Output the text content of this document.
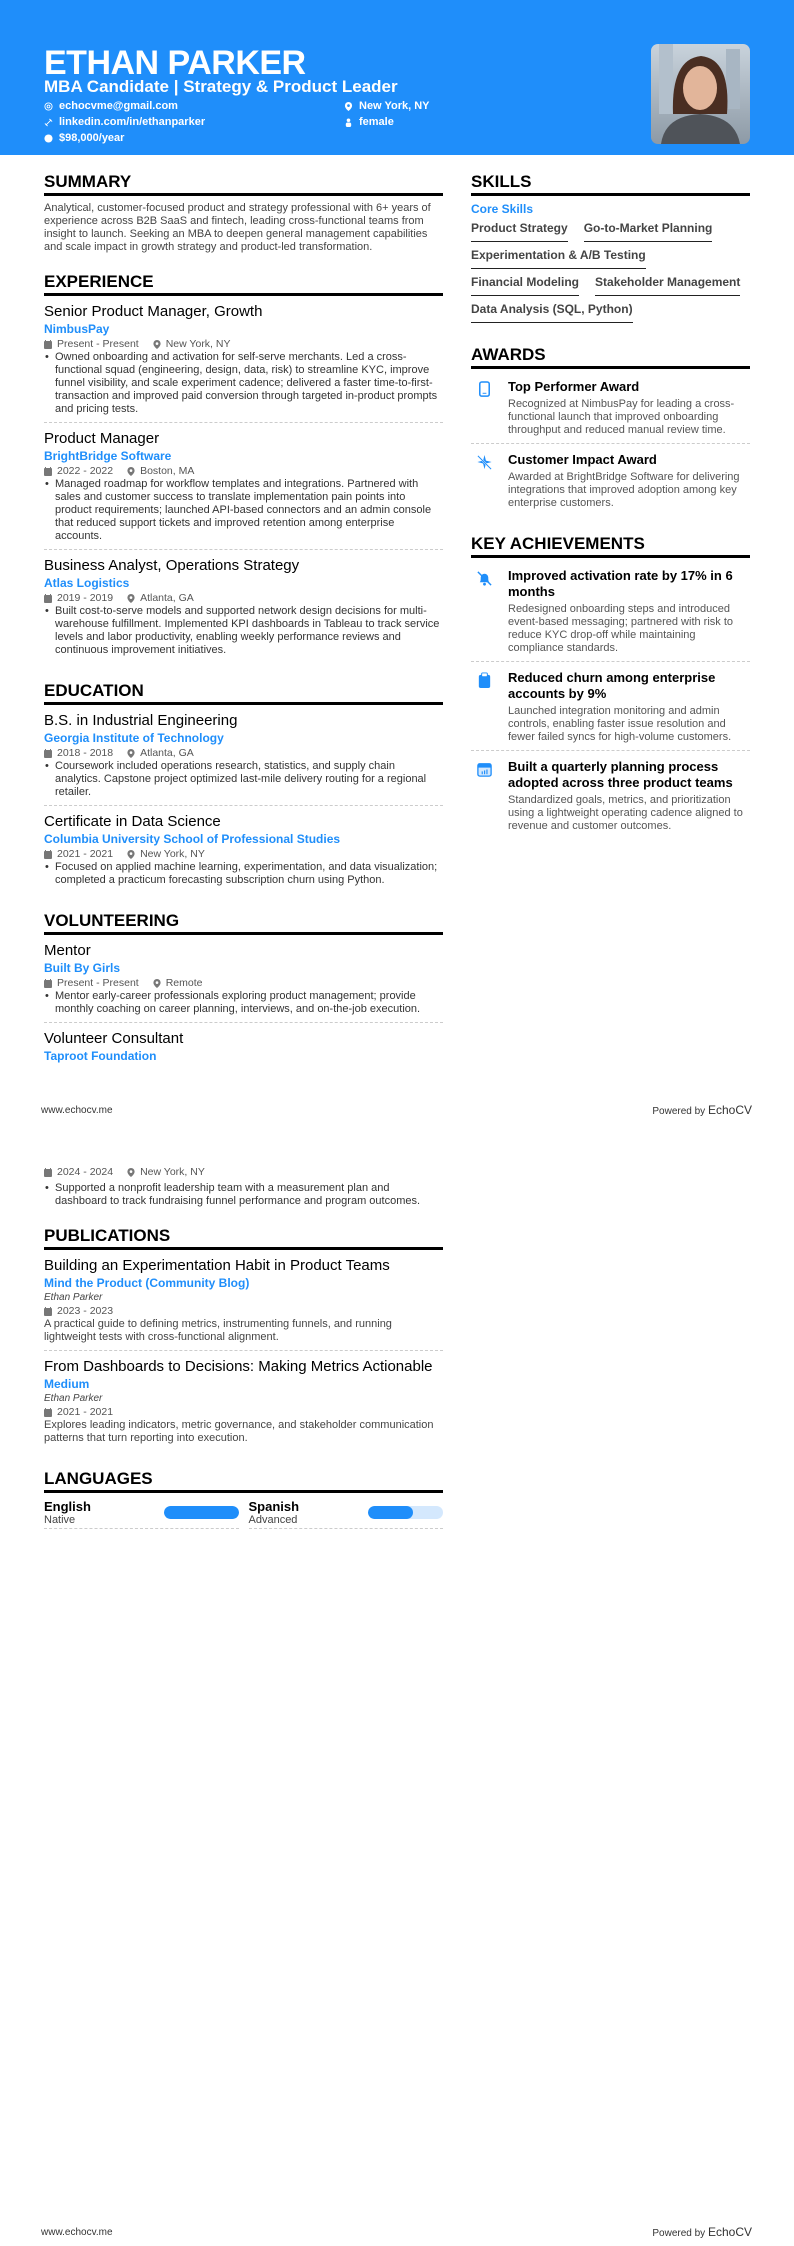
ETHAN PARKER
MBA Candidate | Strategy & Product Leader
echocvme@gmail.com
linkedin.com/in/ethanparker
$98,000/year
New York, NY
female
SUMMARY

Analytical, customer-focused product and strategy professional with 6+ years of experience across B2B SaaS and fintech, leading cross-functional teams from insight to launch. Seeking an MBA to deepen general management capabilities and scale impact in growth strategy and product-led transformation.

EXPERIENCE
Senior Product Manager, Growth
NimbusPay
Present - Present	New York, NY
• Owned onboarding and activation for self-serve merchants. Led a cross-functional squad (engineering, design, data, risk) to streamline KYC, improve funnel visibility, and scale experiment cadence; delivered a faster time-to-first-transaction and improved paid conversion through targeted in-product prompts and pricing tests.
Product Manager
BrightBridge Software
2022 - 2022	Boston, MA
• Managed roadmap for workflow templates and integrations. Partnered with sales and customer success to translate implementation pain points into product requirements; launched API-based connectors and an admin console that reduced support tickets and improved retention among enterprise accounts.
Business Analyst, Operations Strategy
Atlas Logistics
2019 - 2019	Atlanta, GA
• Built cost-to-serve models and supported network design decisions for multi-warehouse fulfillment. Implemented KPI dashboards in Tableau to track service levels and labor productivity, enabling weekly performance reviews and continuous improvement initiatives.
EDUCATION
B.S. in Industrial Engineering
Georgia Institute of Technology
2018 - 2018	Atlanta, GA
• Coursework included operations research, statistics, and supply chain analytics. Capstone project optimized last-mile delivery routing for a regional retailer.
Certificate in Data Science
Columbia University School of Professional Studies
2021 - 2021	New York, NY
• Focused on applied machine learning, experimentation, and data visualization; completed a practicum forecasting subscription churn using Python.
VOLUNTEERING
Mentor
Built By Girls
Present - Present	Remote
• Mentor early-career professionals exploring product management; provide monthly coaching on career planning, interviews, and on-the-job execution.
Volunteer Consultant
Taproot Foundation
SKILLS
Core Skills
Product Strategy Go-to-Market Planning
Experimentation & A/B Testing
Financial Modeling Stakeholder Management
Data Analysis (SQL, Python)
AWARDS
Top Performer Award
Recognized at NimbusPay for leading a cross-functional launch that improved onboarding throughput and reduced manual review time.
Customer Impact Award
Awarded at BrightBridge Software for delivering integrations that improved adoption among key enterprise customers.
KEY ACHIEVEMENTS
Improved activation rate by 17% in 6 months
Redesigned onboarding steps and introduced event-based messaging; partnered with risk to reduce KYC drop-off while maintaining compliance standards.
Reduced churn among enterprise accounts by 9%
Launched integration monitoring and admin controls, enabling faster issue resolution and fewer failed syncs for high-volume customers.
Built a quarterly planning process adopted across three product teams
Standardized goals, metrics, and prioritization using a lightweight operating cadence aligned to revenue and customer outcomes.
www.echocv.me	Powered by EchoCV
2024 - 2024	New York, NY
• Supported a nonprofit leadership team with a measurement plan and dashboard to track fundraising funnel performance and program outcomes.
PUBLICATIONS
Building an Experimentation Habit in Product Teams
Mind the Product (Community Blog)
Ethan Parker
2023 - 2023

A practical guide to defining metrics, instrumenting funnels, and running lightweight tests with cross-functional alignment.

From Dashboards to Decisions: Making Metrics Actionable
Medium
Ethan Parker
2021 - 2021

Explores leading indicators, metric governance, and stakeholder communication patterns that turn reporting into execution.

LANGUAGES
English
Native
Spanish
Advanced
www.echocv.me	Powered by EchoCV
